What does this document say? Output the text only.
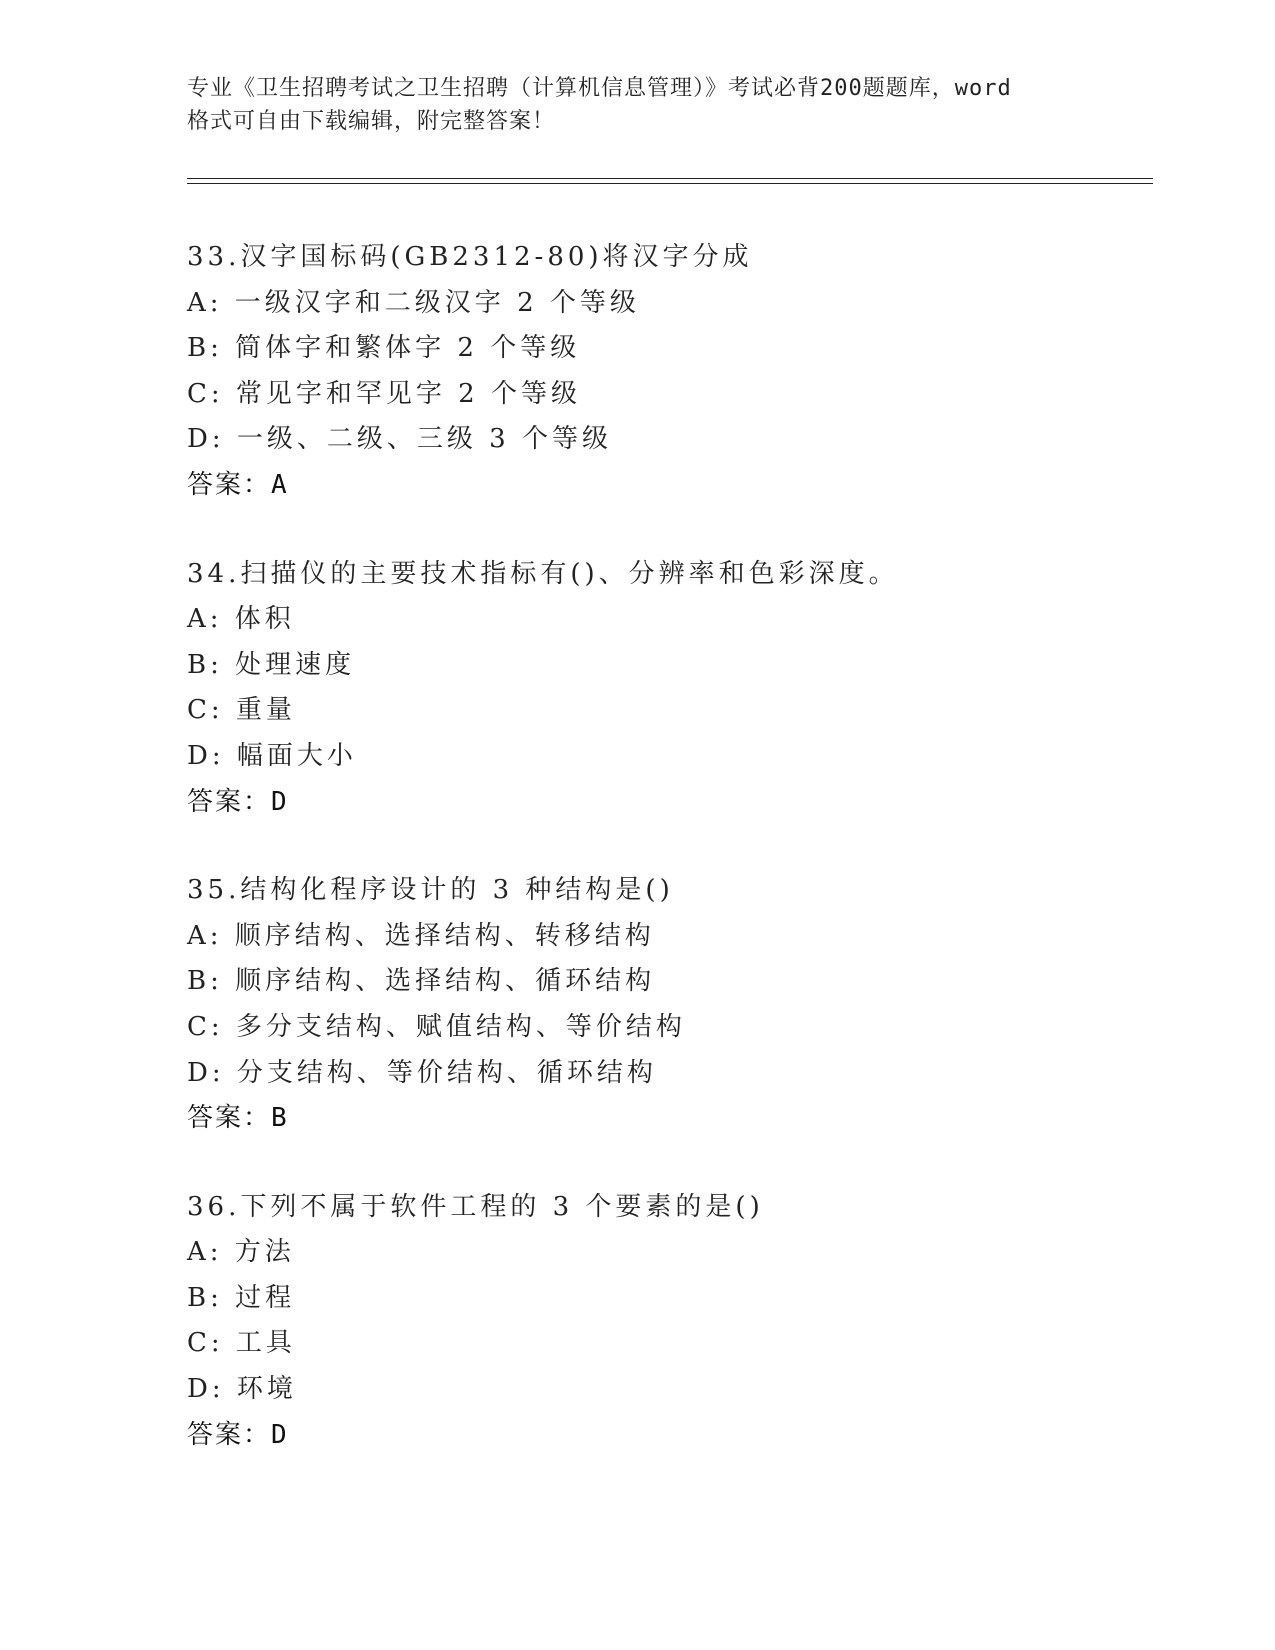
专业《卫生招聘考试之卫生招聘（计算机信息管理）》考试必背200题题库，word
格式可自由下载编辑，附完整答案！
33.汉字国标码(GB2312-80)将汉字分成
A: 一级汉字和二级汉字 2 个等级
B: 简体字和繁体字 2 个等级
C: 常见字和罕见字 2 个等级
D: 一级、二级、三级 3 个等级
答案：A
34.扫描仪的主要技术指标有()、分辨率和色彩深度。
A: 体积
B: 处理速度
C: 重量
D: 幅面大小
答案：D
35.结构化程序设计的 3 种结构是()
A: 顺序结构、选择结构、转移结构
B: 顺序结构、选择结构、循环结构
C: 多分支结构、赋值结构、等价结构
D: 分支结构、等价结构、循环结构
答案：B
36.下列不属于软件工程的 3 个要素的是()
A: 方法
B: 过程
C: 工具
D: 环境
答案：D
